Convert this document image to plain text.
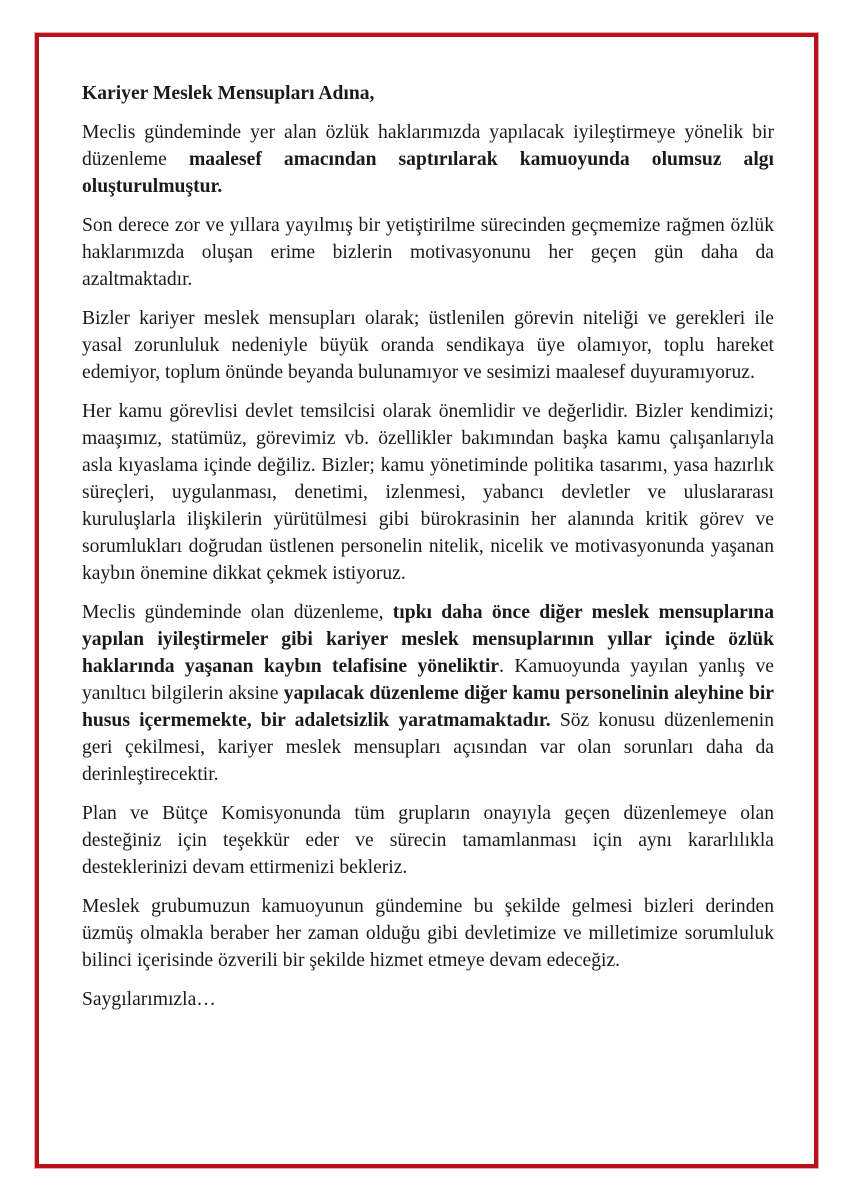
Kariyer Meslek Mensupları Adına,

Meclis gündeminde yer alan özlük haklarımızda yapılacak iyileştirmeye yönelik bir düzenleme maalesef amacından saptırılarak kamuoyunda olumsuz algı oluşturulmuştur.

Son derece zor ve yıllara yayılmış bir yetiştirilme sürecinden geçmemize rağmen özlük haklarımızda oluşan erime bizlerin motivasyonunu her geçen gün daha da azaltmaktadır.

Bizler kariyer meslek mensupları olarak; üstlenilen görevin niteliği ve gerekleri ile yasal zorunluluk nedeniyle büyük oranda sendikaya üye olamıyor, toplu hareket edemiyor, toplum önünde beyanda bulunamıyor ve sesimizi maalesef duyuramıyoruz.

Her kamu görevlisi devlet temsilcisi olarak önemlidir ve değerlidir. Bizler kendimizi; maaşımız, statümüz, görevimiz vb. özellikler bakımından başka kamu çalışanlarıyla asla kıyaslama içinde değiliz. Bizler; kamu yönetiminde politika tasarımı, yasa hazırlık süreçleri, uygulanması, denetimi, izlenmesi, yabancı devletler ve uluslararası kuruluşlarla ilişkilerin yürütülmesi gibi bürokrasinin her alanında kritik görev ve sorumlukları doğrudan üstlenen personelin nitelik, nicelik ve motivasyonunda yaşanan kaybın önemine dikkat çekmek istiyoruz.

Meclis gündeminde olan düzenleme, tıpkı daha önce diğer meslek mensuplarına yapılan iyileştirmeler gibi kariyer meslek mensuplarının yıllar içinde özlük haklarında yaşanan kaybın telafisine yöneliktir. Kamuoyunda yayılan yanlış ve yanıltıcı bilgilerin aksine yapılacak düzenleme diğer kamu personelinin aleyhine bir husus içermemekte, bir adaletsizlik yaratmamaktadır. Söz konusu düzenlemenin geri çekilmesi, kariyer meslek mensupları açısından var olan sorunları daha da derinleştirecektir.

Plan ve Bütçe Komisyonunda tüm grupların onayıyla geçen düzenlemeye olan desteğiniz için teşekkür eder ve sürecin tamamlanması için aynı kararlılıkla desteklerinizi devam ettirmenizi bekleriz.

Meslek grubumuzun kamuoyunun gündemine bu şekilde gelmesi bizleri derinden üzmüş olmakla beraber her zaman olduğu gibi devletimize ve milletimize sorumluluk bilinci içerisinde özverili bir şekilde hizmet etmeye devam edeceğiz.

Saygılarımızla…
